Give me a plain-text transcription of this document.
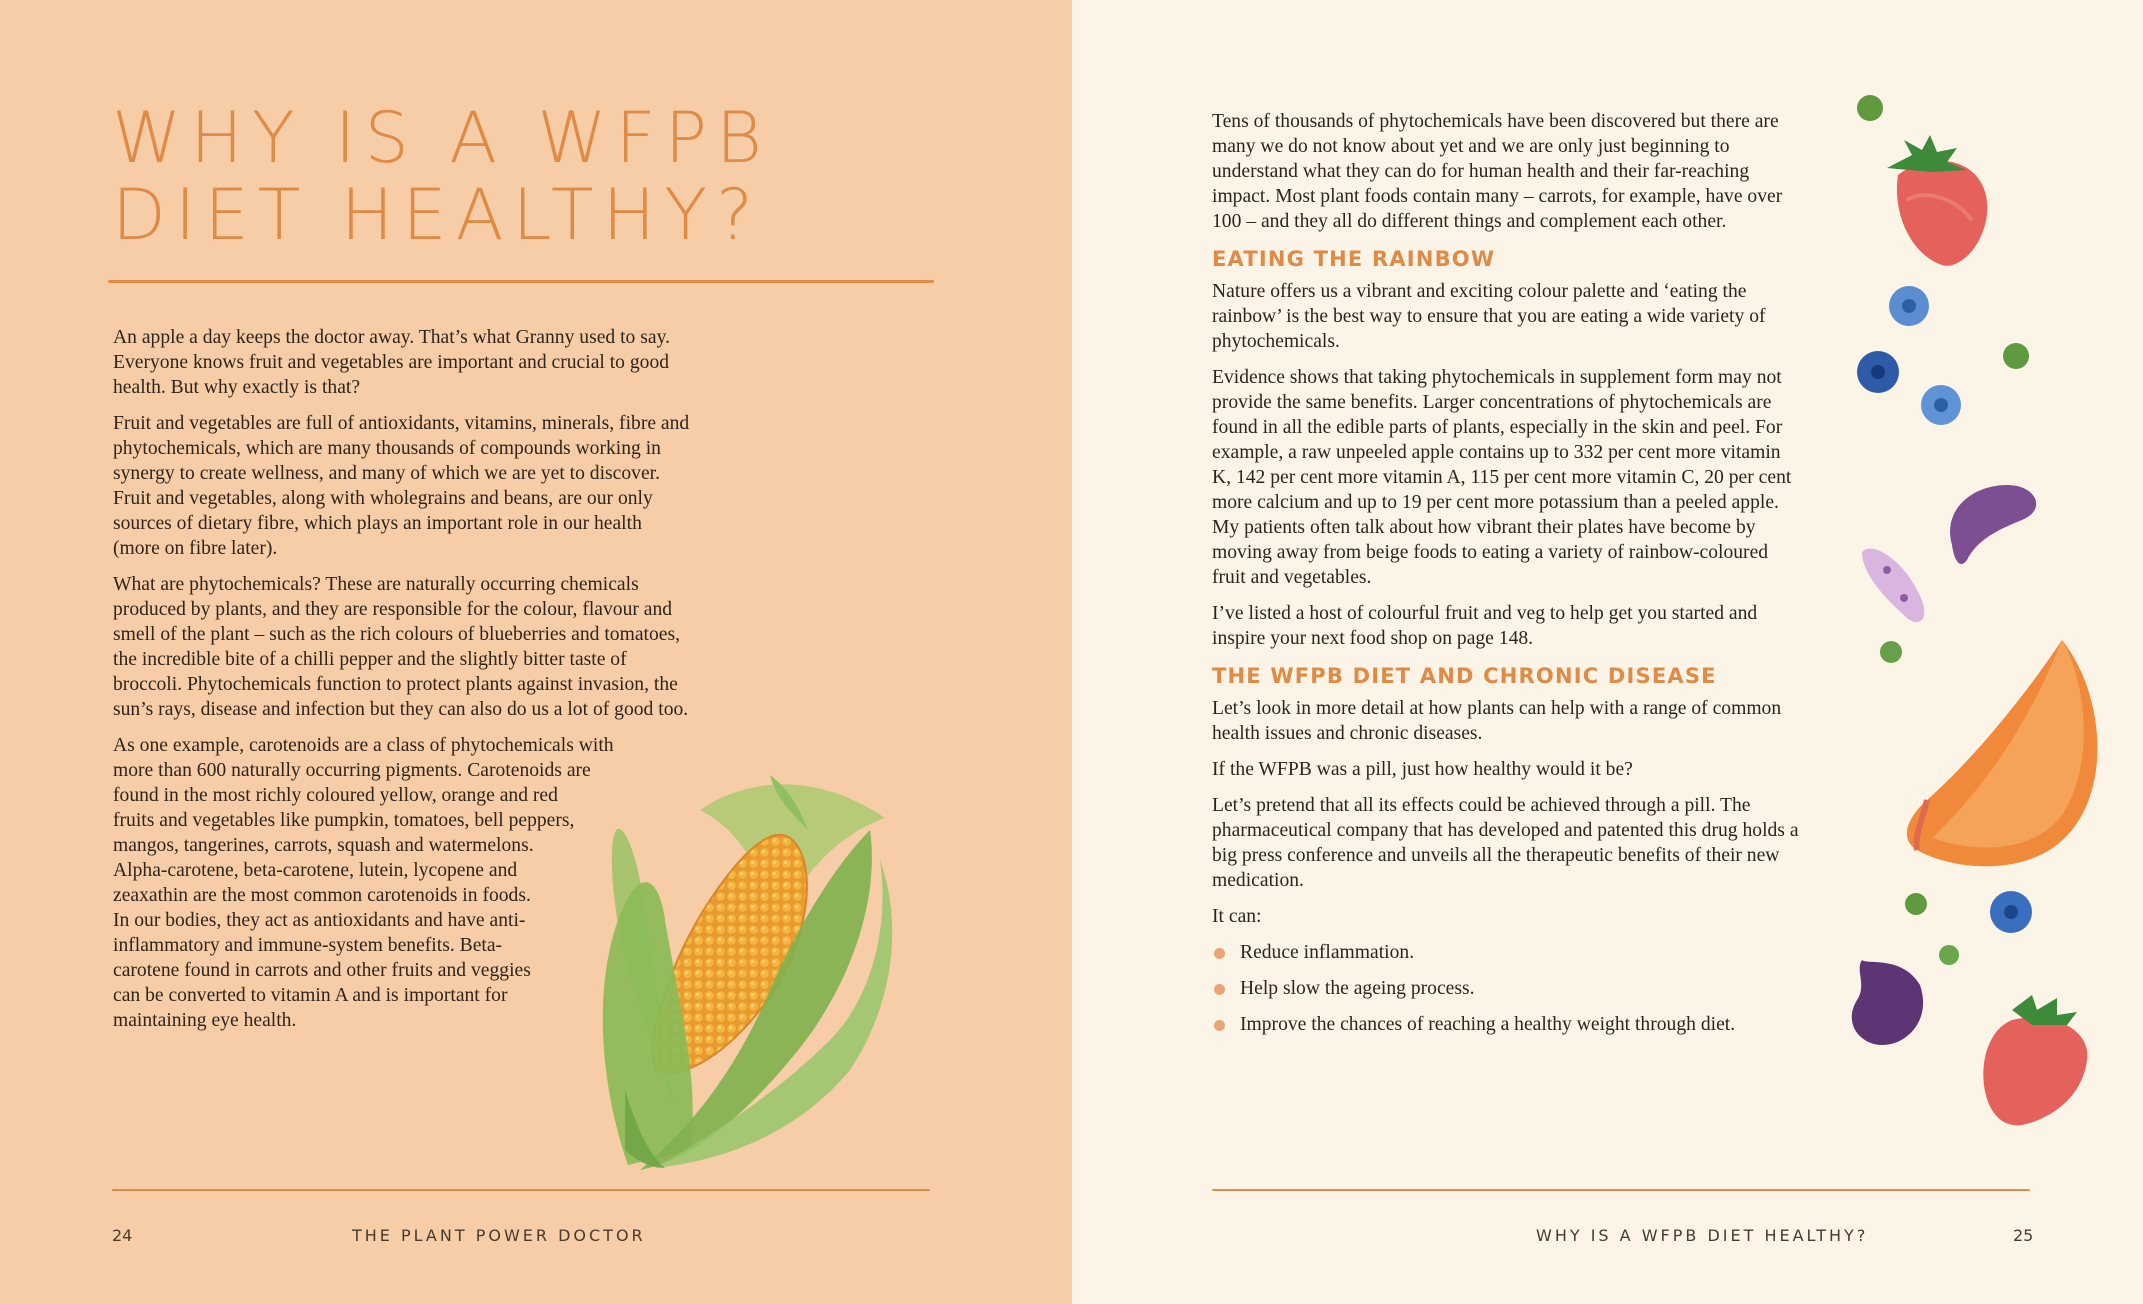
WHY IS A WFPB
DIET HEALTHY?

An apple a day keeps the doctor away. That’s what Granny used to say. Everyone knows fruit and vegetables are important and crucial to good health. But why exactly is that?

Fruit and vegetables are full of antioxidants, vitamins, minerals, fibre and phytochemicals, which are many thousands of compounds working in synergy to create wellness, and many of which we are yet to discover. Fruit and vegetables, along with wholegrains and beans, are our only sources of dietary fibre, which plays an important role in our health (more on fibre later).

What are phytochemicals? These are naturally occurring chemicals produced by plants, and they are responsible for the colour, flavour and smell of the plant – such as the rich colours of blueberries and tomatoes, the incredible bite of a chilli pepper and the slightly bitter taste of broccoli. Phytochemicals function to protect plants against invasion, the sun’s rays, disease and infection but they can also do us a lot of good too.

As one example, carotenoids are a class of phytochemicals with
more than 600 naturally occurring pigments. Carotenoids are
found in the most richly coloured yellow, orange and red
fruits and vegetables like pumpkin, tomatoes, bell peppers,
mangos, tangerines, carrots, squash and watermelons.
Alpha-carotene, beta-carotene, lutein, lycopene and
zeaxathin are the most common carotenoids in foods.
In our bodies, they act as antioxidants and have anti-
inflammatory and immune-system benefits. Beta-
carotene found in carrots and other fruits and veggies
can be converted to vitamin A and is important for
maintaining eye health.
24	THE PLANT POWER DOCTOR

Tens of thousands of phytochemicals have been discovered but there are many we do not know about yet and we are only just beginning to understand what they can do for human health and their far-reaching impact. Most plant foods contain many – carrots, for example, have over 100 – and they all do different things and complement each other.

EATING THE RAINBOW

Nature offers us a vibrant and exciting colour palette and ‘eating the rainbow’ is the best way to ensure that you are eating a wide variety of phytochemicals.

Evidence shows that taking phytochemicals in supplement form may not provide the same benefits. Larger concentrations of phytochemicals are found in all the edible parts of plants, especially in the skin and peel. For example, a raw unpeeled apple contains up to 332 per cent more vitamin K, 142 per cent more vitamin A, 115 per cent more vitamin C, 20 per cent more calcium and up to 19 per cent more potassium than a peeled apple. My patients often talk about how vibrant their plates have become by moving away from beige foods to eating a variety of rainbow-coloured fruit and vegetables.

I’ve listed a host of colourful fruit and veg to help get you started and inspire your next food shop on page 148.

THE WFPB DIET AND CHRONIC DISEASE

Let’s look in more detail at how plants can help with a range of common health issues and chronic diseases.

If the WFPB was a pill, just how healthy would it be?

Let’s pretend that all its effects could be achieved through a pill. The pharmaceutical company that has developed and patented this drug holds a big press conference and unveils all the therapeutic benefits of their new medication.

It can:

Reduce inflammation.
Help slow the ageing process.
Improve the chances of reaching a healthy weight through diet.
WHY IS A WFPB DIET HEALTHY?	25
